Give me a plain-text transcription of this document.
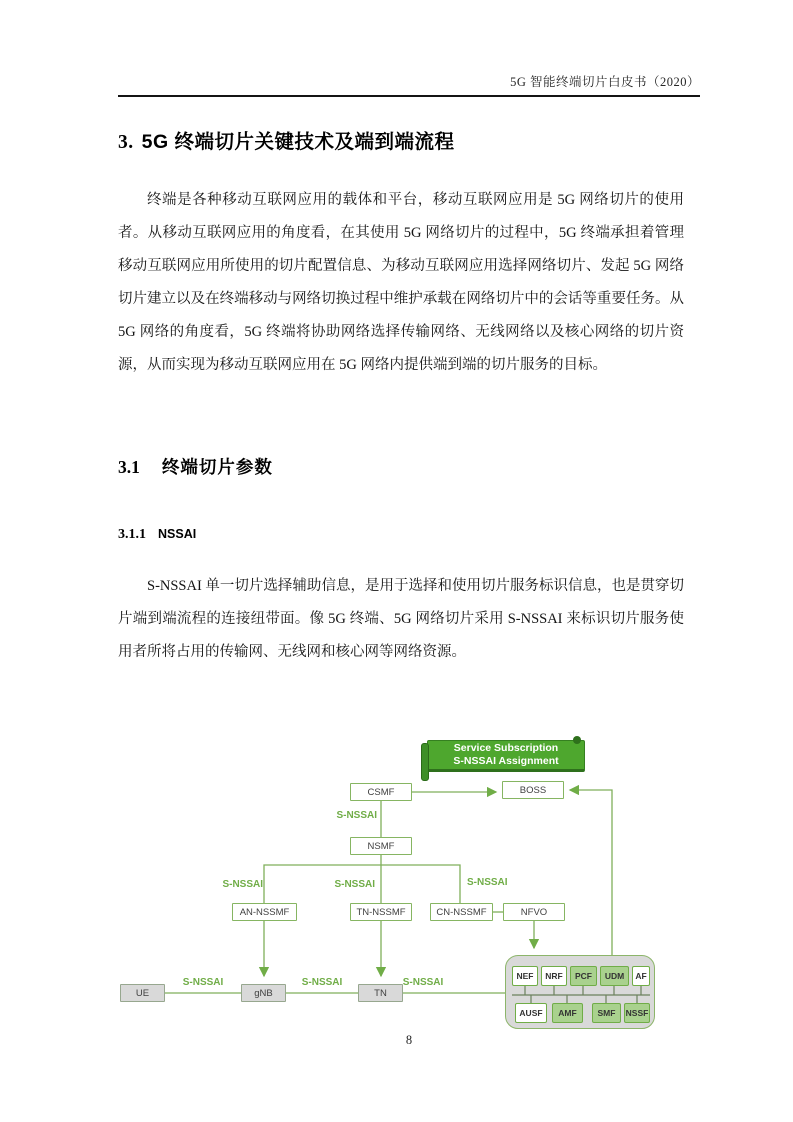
5G 智能终端切片白皮书（2020）
3. 5G 终端切片关键技术及端到端流程
终端是各种移动互联网应用的载体和平台，移动互联网应用是 5G 网络切片的使用者。从移动互联网应用的角度看，在其使用 5G 网络切片的过程中，5G 终端承担着管理移动互联网应用所使用的切片配置信息、为移动互联网应用选择网络切片、发起 5G 网络切片建立以及在终端移动与网络切换过程中维护承载在网络切片中的会话等重要任务。从 5G 网络的角度看，5G 终端将协助网络选择传输网络、无线网络以及核心网络的切片资源，从而实现为移动互联网应用在 5G 网络内提供端到端的切片服务的目标。
3.1 终端切片参数
3.1.1 NSSAI
S-NSSAI 单一切片选择辅助信息，是用于选择和使用切片服务标识信息，也是贯穿切片端到端流程的连接纽带面。像 5G 终端、5G 网络切片采用 S-NSSAI 来标识切片服务使用者所将占用的传输网、无线网和核心网等网络资源。
Service Subscription
S-NSSAI Assignment
CSMF	BOSS
NSMF
AN-NSSMF	TN-NSSMF	CN-NSSMF	NFVO
UE	gNB	TN
S-NSSAI
S-NSSAI	S-NSSAI	S-NSSAI
S-NSSAI	S-NSSAI	S-NSSAI
NEF	NRF	PCF	UDM	AF
AUSF	AMF	SMF	NSSF
8
